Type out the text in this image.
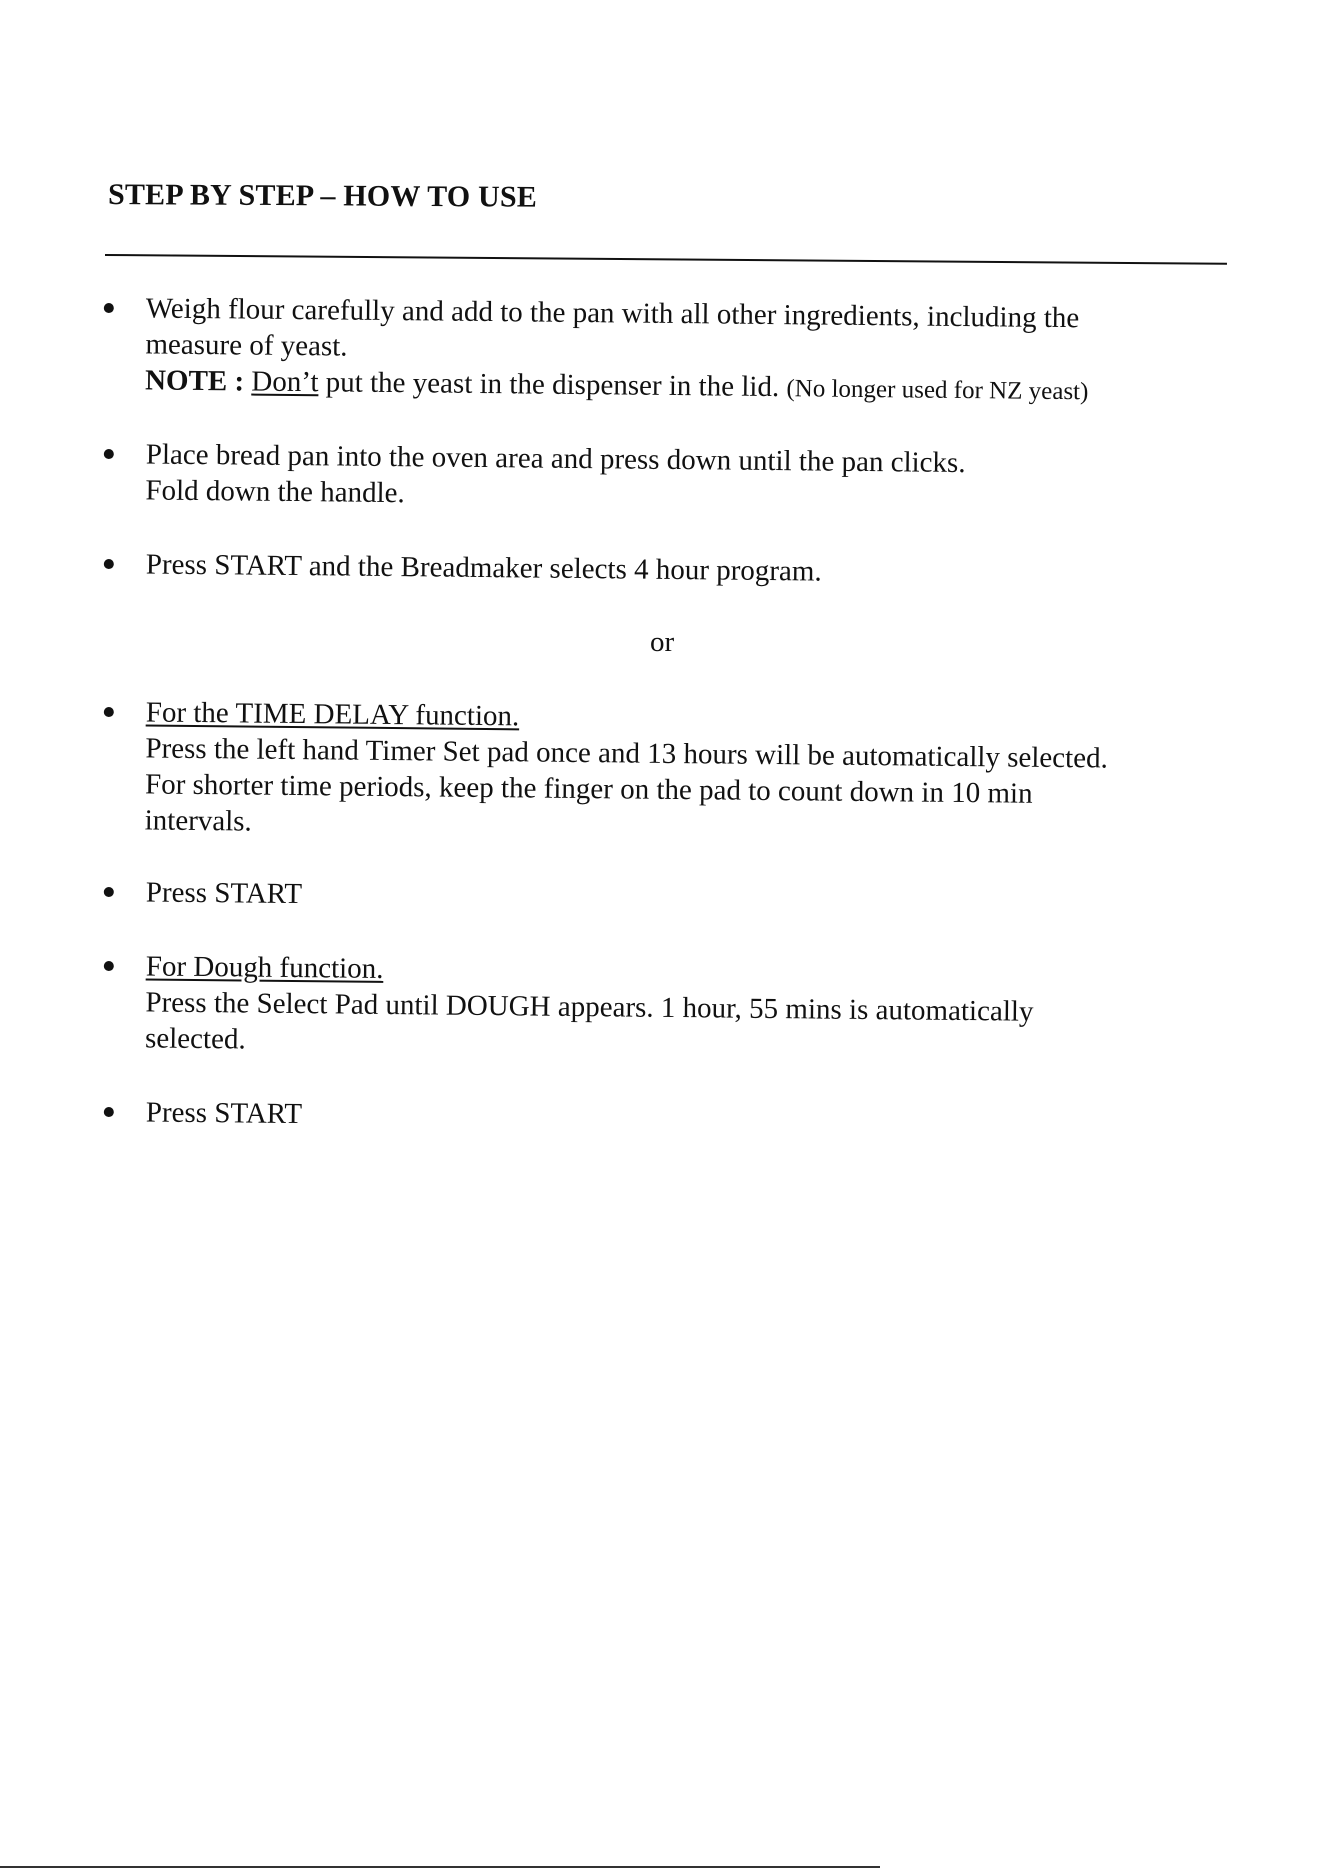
STEP BY STEP – HOW TO USE
Weigh flour carefully and add to the pan with all other ingredients, including the
measure of yeast.
NOTE : Don’t put the yeast in the dispenser in the lid. (No longer used for NZ yeast)
Place bread pan into the oven area and press down until the pan clicks.
Fold down the handle.
Press START and the Breadmaker selects 4 hour program.
or
For the TIME DELAY function.
Press the left hand Timer Set pad once and 13 hours will be automatically selected.
For shorter time periods, keep the finger on the pad to count down in 10 min
intervals.
Press START
For Dough function.
Press the Select Pad until DOUGH appears. 1 hour, 55 mins is automatically
selected.
Press START
